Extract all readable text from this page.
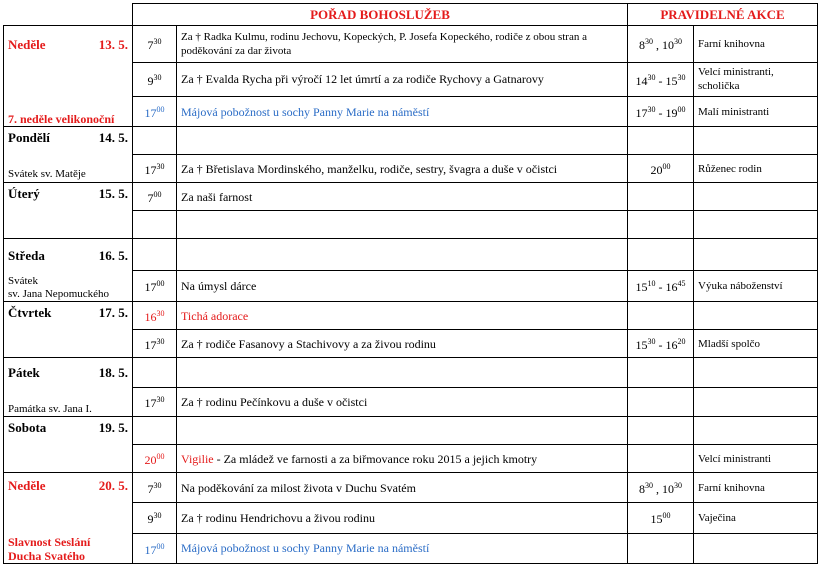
	POŘAD BOHOSLUŽEB		PRAVIDELNÉ AKCE	

Neděle 13. 5.
7. neděle velikonoční	$7^{30}$	Za † Radka Kulmu, rodinu Jechovu, Kopeckých, P. Josefa Kopeckého, rodiče z obou stran a poděkování za dar života	$8^{30}$ , $10^{30}$	Farní knihovna
	$9^{30}$	Za † Evalda Rycha při výročí 12 let úmrtí a za rodiče Rychovy a Gatnarovy	$14^{30} - 15^{30}$	Velcí ministranti, scholička
	$17^{00}$	Májová pobožnost u sochy Panny Marie na náměstí	$17^{30} - 19^{00}$	Malí ministranti

Pondělí 14. 5.
Svátek sv. Matěje				

	$17^{30}$	Za † Břetislava Mordinského, manželku, rodiče, sestry, švagra a duše v očistci	$20^{00}$	Růženec rodin

Úterý 15. 5.	$7^{00}$	Za naši farnost		

Středa 16. 5.
Svátek
sv. Jana Nepomuckého				

	$17^{00}$	Na úmysl dárce	$15^{10} - 16^{45}$	Výuka náboženství

Čtvrtek 17. 5.	$16^{30}$	Tichá adorace		
	$17^{30}$	Za † rodiče Fasanovy a Stachivovy a za živou rodinu	$15^{30} - 16^{20}$	Mladší spolčo

Pátek 18. 5.
Památka sv. Jana I.				

	$17^{30}$	Za † rodinu Pečínkovu a duše v očistci		

Sobota 19. 5.				

	$20^{00}$	Vigilie - Za mládež ve farnosti a za biřmovance roku 2015 a jejich kmotry		Velcí ministranti

Neděle 20. 5.
Slavnost Seslání
Ducha Svatého	$7^{30}$	Na poděkování za milost života v Duchu Svatém	$8^{30}$ , $10^{30}$	Farní knihovna
	$9^{30}$	Za † rodinu Hendrichovu a živou rodinu	$15^{00}$	Vaječina
	$17^{00}$	Májová pobožnost u sochy Panny Marie na náměstí		
